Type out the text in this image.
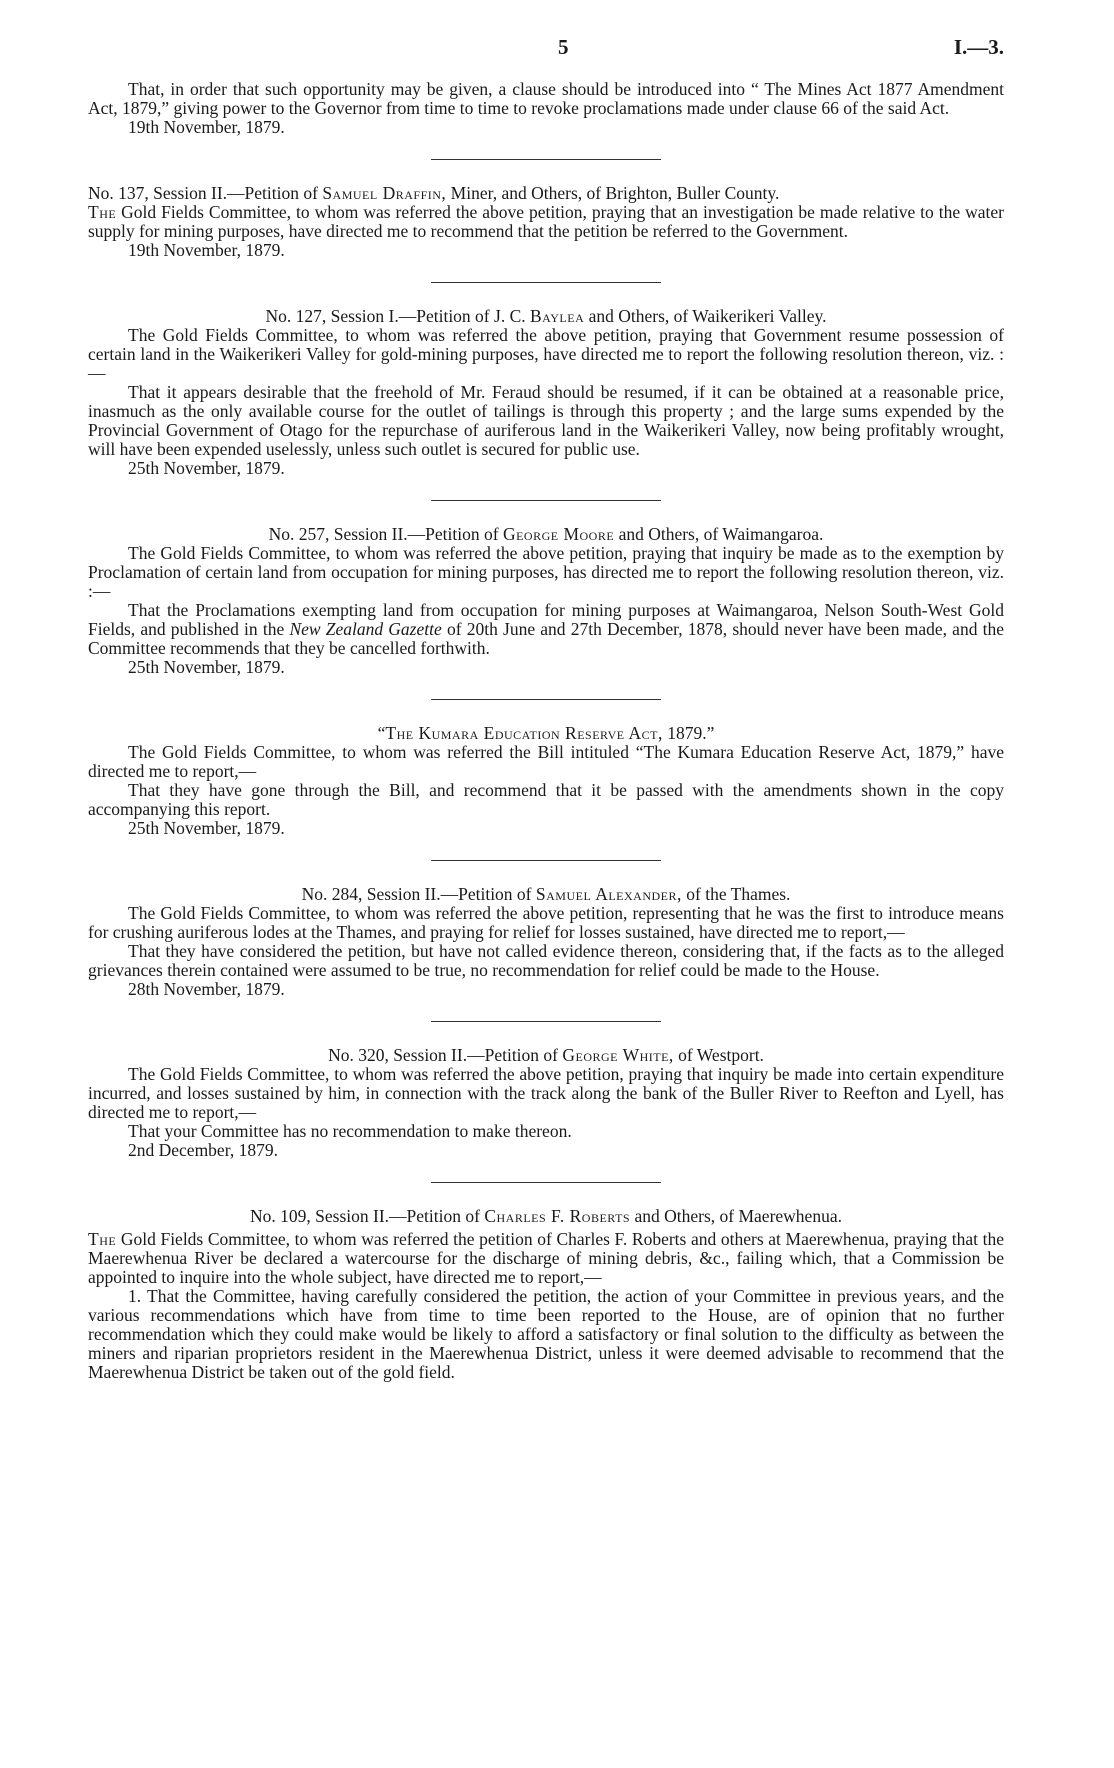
5	I.—3.

That, in order that such opportunity may be given, a clause should be introduced into “ The Mines Act 1877 Amendment Act, 1879,” giving power to the Governor from time to time to revoke proclamations made under clause 66 of the said Act.

19th November, 1879.

No. 137, Session II.—Petition of Samuel Draffin, Miner, and Others, of Brighton, Buller County.

The Gold Fields Committee, to whom was referred the above petition, praying that an investigation be made relative to the water supply for mining purposes, have directed me to recommend that the petition be referred to the Government.

19th November, 1879.

No. 127, Session I.—Petition of J. C. Baylea and Others, of Waikerikeri Valley.

The Gold Fields Committee, to whom was referred the above petition, praying that Government resume possession of certain land in the Waikerikeri Valley for gold-mining purposes, have directed me to report the following resolution thereon, viz. :—

That it appears desirable that the freehold of Mr. Feraud should be resumed, if it can be obtained at a reasonable price, inasmuch as the only available course for the outlet of tailings is through this property ; and the large sums expended by the Provincial Government of Otago for the repurchase of auriferous land in the Waikerikeri Valley, now being profitably wrought, will have been expended uselessly, unless such outlet is secured for public use.

25th November, 1879.

No. 257, Session II.—Petition of George Moore and Others, of Waimangaroa.

The Gold Fields Committee, to whom was referred the above petition, praying that inquiry be made as to the exemption by Proclamation of certain land from occupation for mining purposes, has directed me to report the following resolution thereon, viz. :—

That the Proclamations exempting land from occupation for mining purposes at Waimangaroa, Nelson South-West Gold Fields, and published in the New Zealand Gazette of 20th June and 27th December, 1878, should never have been made, and the Committee recommends that they be cancelled forthwith.

25th November, 1879.

“The Kumara Education Reserve Act, 1879.”

The Gold Fields Committee, to whom was referred the Bill intituled “The Kumara Education Reserve Act, 1879,” have directed me to report,—

That they have gone through the Bill, and recommend that it be passed with the amendments shown in the copy accompanying this report.

25th November, 1879.

No. 284, Session II.—Petition of Samuel Alexander, of the Thames.

The Gold Fields Committee, to whom was referred the above petition, representing that he was the first to introduce means for crushing auriferous lodes at the Thames, and praying for relief for losses sustained, have directed me to report,—

That they have considered the petition, but have not called evidence thereon, considering that, if the facts as to the alleged grievances therein contained were assumed to be true, no recommendation for relief could be made to the House.

28th November, 1879.

No. 320, Session II.—Petition of George White, of Westport.

The Gold Fields Committee, to whom was referred the above petition, praying that inquiry be made into certain expenditure incurred, and losses sustained by him, in connection with the track along the bank of the Buller River to Reefton and Lyell, has directed me to report,—

That your Committee has no recommendation to make thereon.

2nd December, 1879.

No. 109, Session II.—Petition of Charles F. Roberts and Others, of Maerewhenua.

The Gold Fields Committee, to whom was referred the petition of Charles F. Roberts and others at Maerewhenua, praying that the Maerewhenua River be declared a watercourse for the discharge of mining debris, &c., failing which, that a Commission be appointed to inquire into the whole subject, have directed me to report,—

1. That the Committee, having carefully considered the petition, the action of your Committee in previous years, and the various recommendations which have from time to time been reported to the House, are of opinion that no further recommendation which they could make would be likely to afford a satisfactory or final solution to the difficulty as between the miners and riparian proprietors resident in the Maerewhenua District, unless it were deemed advisable to recommend that the Maerewhenua District be taken out of the gold field.
